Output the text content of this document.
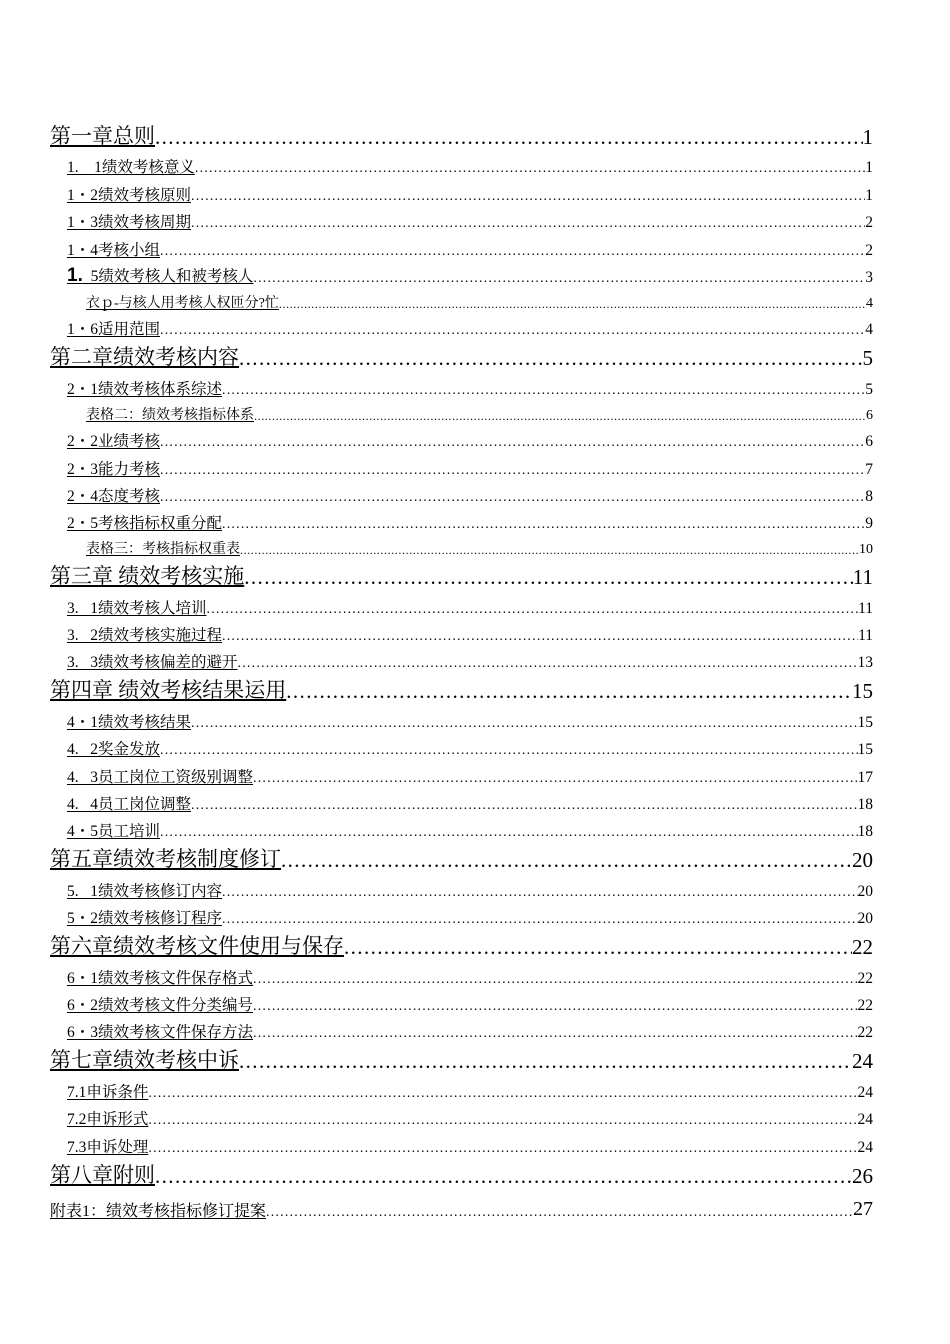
第一章总则 .....	1
1.    1绩效考核意义 .....	1
1・2绩效考核原则 .....	1
1・3绩效考核周期 .....	2
1・4考核小组 .....	2
1.  5绩效考核人和被考核人 .....	3
衣ｐ-与核人用考核人权匝分?忙 .....	4
1・6适用范围 .....	4
第二章绩效考核内容 .....	5
2・1绩效考核体系综述 .....	5
表格二：绩效考核指标体系 .....	6
2・2业绩考核 .....	6
2・3能力考核 .....	7
2・4态度考核 .....	8
2・5考核指标权重分配 .....	9
表格三：考核指标权重表 .....	10
第三章 绩效考核实施 .....	11
3.   1绩效考核人培训 .....	11
3.   2绩效考核实施过程 .....	11
3.   3绩效考核偏差的避开 .....	13
第四章 绩效考核结果运用 .....	15
4・1绩效考核结果 .....	15
4.   2奖金发放 .....	15
4.   3员工岗位工资级别调整 .....	17
4.   4员工岗位调整 .....	18
4・5员工培训 .....	18
第五章绩效考核制度修订 .....	20
5.   1绩效考核修订内容 .....	20
5・2绩效考核修订程序 .....	20
第六章绩效考核文件使用与保存 .....	22
6・1绩效考核文件保存格式 .....	22
6・2绩效考核文件分类编号 .....	22
6・3绩效考核文件保存方法 .....	22
第七章绩效考核中诉 .....	24
7.1申诉条件 .....	24
7.2申诉形式 .....	24
7.3申诉处理 .....	24
第八章附则 .....	26
附表1：绩效考核指标修订提案 .....	27
